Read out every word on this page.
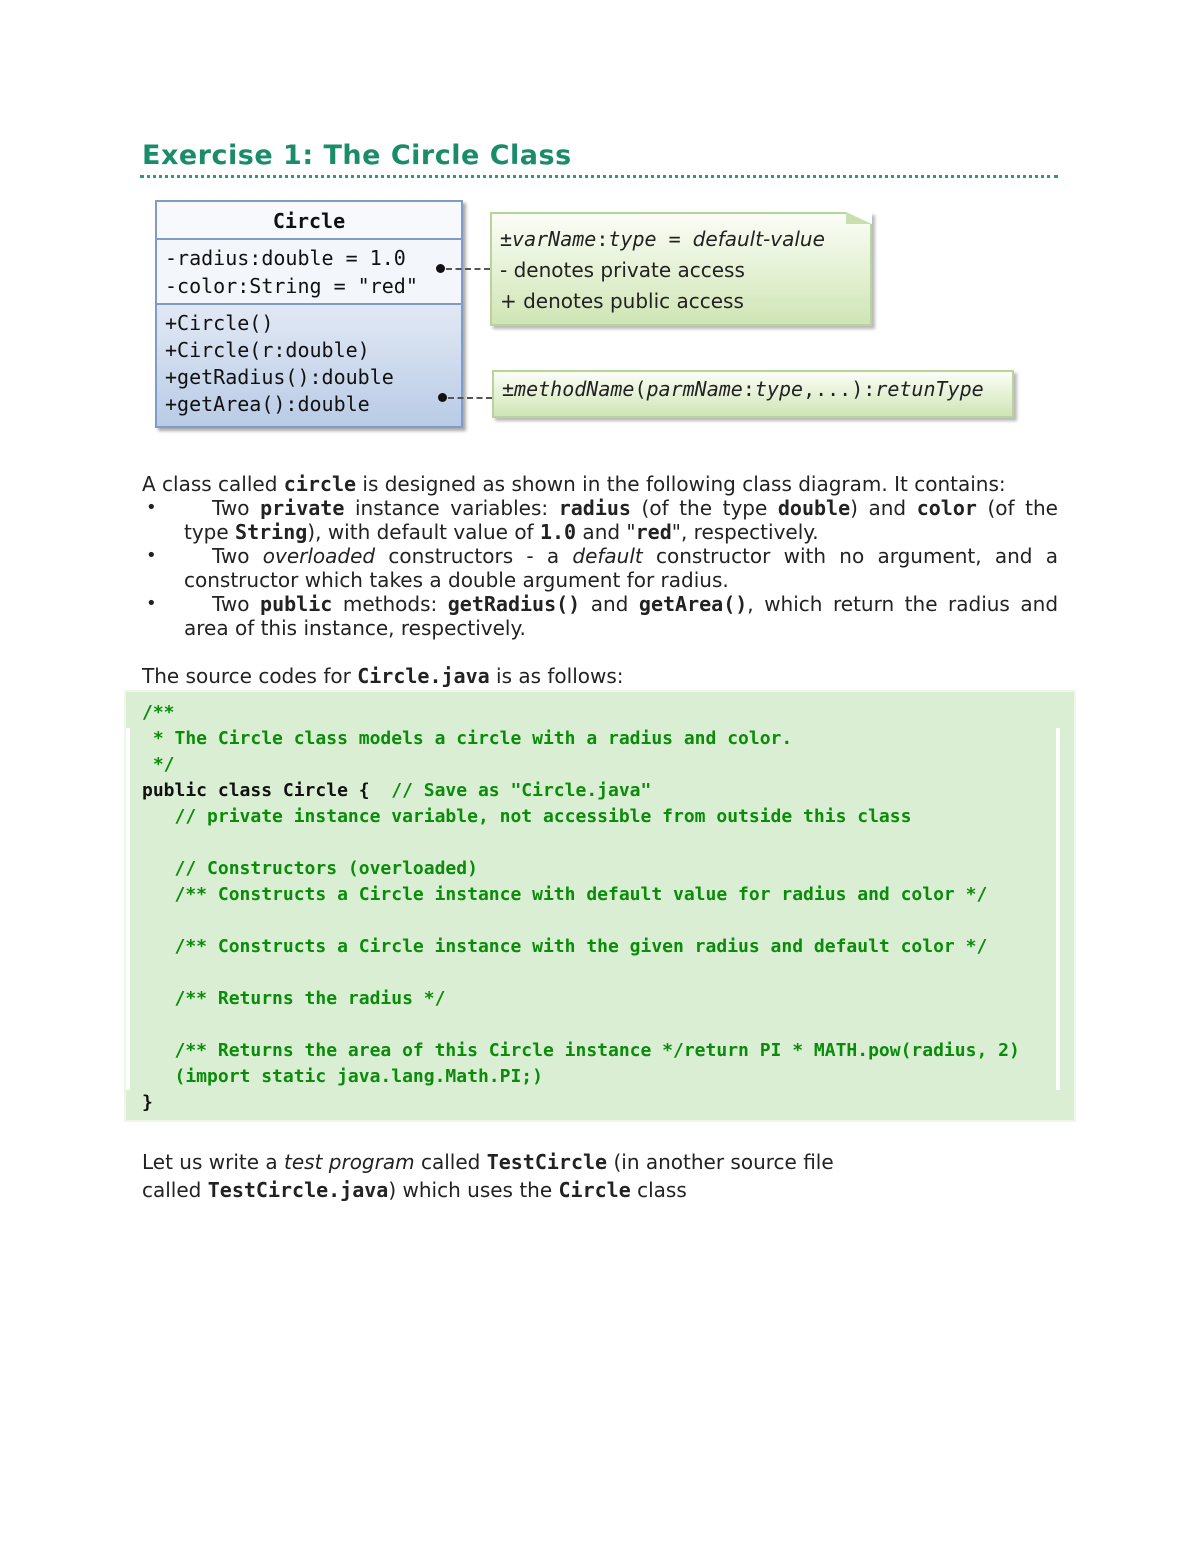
Exercise 1: The Circle Class
Circle
-radius:double = 1.0
-color:String = "red"
+Circle()
+Circle(r:double)
+getRadius():double
+getArea():double
±varName:type = default-value
- denotes private access
+ denotes public access
±methodName(parmName:type,...):retunType

A class called circle is designed as shown in the following class diagram. It contains:

•	Two private instance variables: radius (of the type double) and color (of the type String), with default value of 1.0 and "red", respectively.
•	Two overloaded constructors - a default constructor with no argument, and a constructor which takes a double argument for radius.
•	Two public methods: getRadius() and getArea(), which return the radius and area of this instance, respectively.

The source codes for Circle.java is as follows:

/**
* The Circle class models a circle with a radius and color.
*/
public class Circle {  // Save as "Circle.java"
// private instance variable, not accessible from outside this class
// Constructors (overloaded)
/** Constructs a Circle instance with default value for radius and color */
/** Constructs a Circle instance with the given radius and default color */
/** Returns the radius */
/** Returns the area of this Circle instance */return PI * MATH.pow(radius, 2)
(import static java.lang.Math.PI;)
}

Let us write a test program called TestCircle (in another source file
called TestCircle.java) which uses the Circle class
